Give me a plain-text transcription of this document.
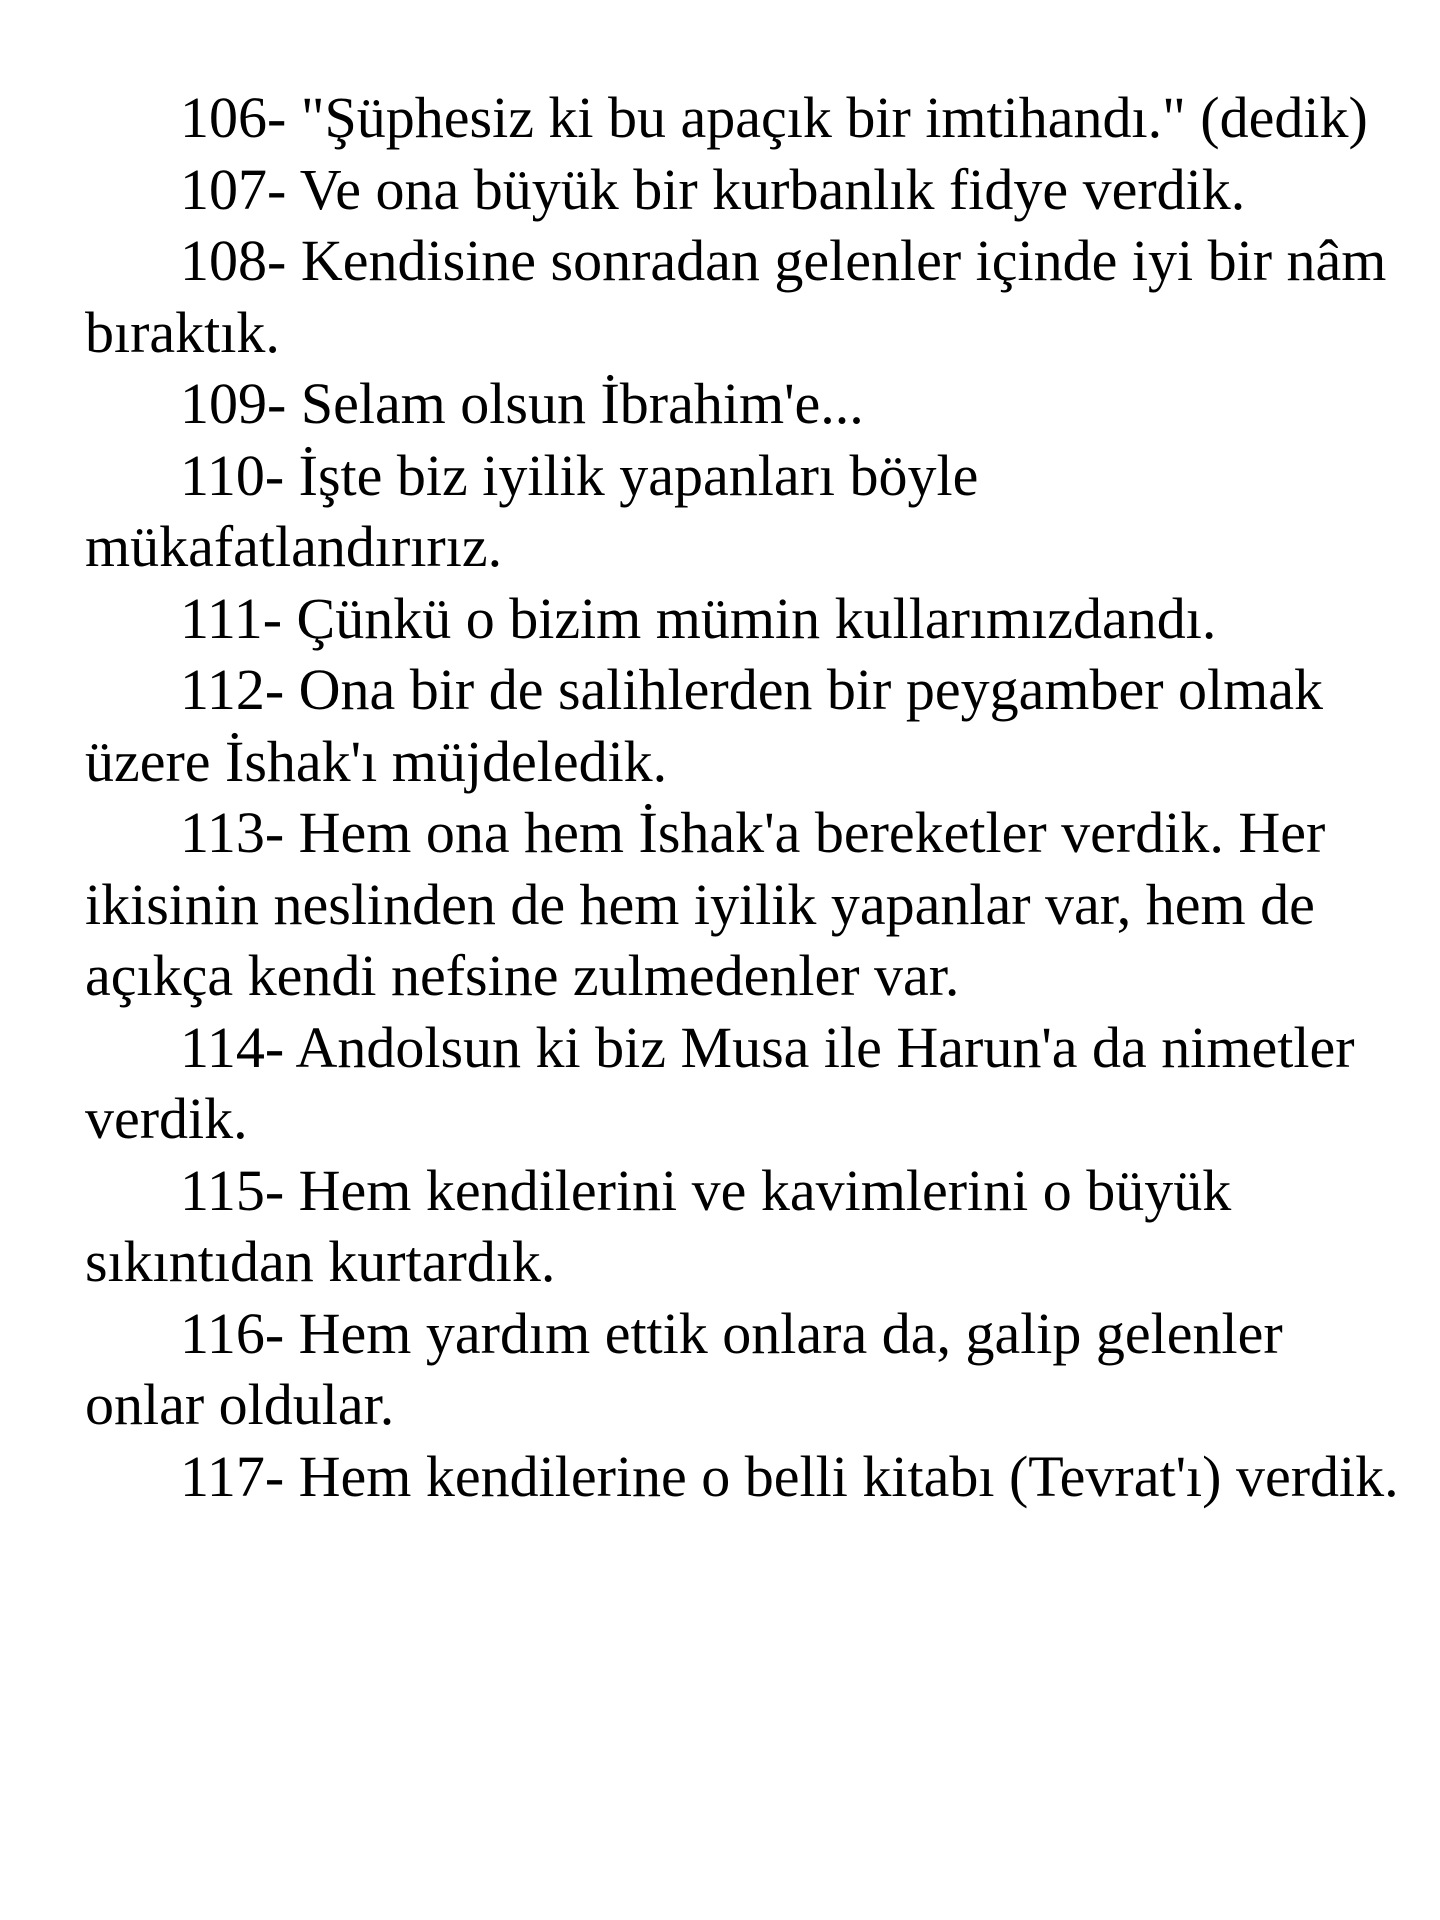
106- "Şüphesiz ki bu apaçık bir imtihandı." (dedik)

107- Ve ona büyük bir kurbanlık fidye verdik.

108- Kendisine sonradan gelenler içinde iyi bir nâm bıraktık.

109- Selam olsun İbrahim'e...

110- İşte biz iyilik yapanları böyle mükafatlandırırız.

111- Çünkü o bizim mümin kullarımızdandı.

112- Ona bir de salihlerden bir peygamber olmak üzere İshak'ı müjdeledik.

113- Hem ona hem İshak'a bereketler verdik. Her ikisinin neslinden de hem iyilik yapanlar var, hem de açıkça kendi nefsine zulmedenler var.

114- Andolsun ki biz Musa ile Harun'a da nimetler verdik.

115- Hem kendilerini ve kavimlerini o büyük sıkıntıdan kurtardık.

116- Hem yardım ettik onlara da, galip gelenler onlar oldular.

117- Hem kendilerine o belli kitabı (Tevrat'ı) verdik.
